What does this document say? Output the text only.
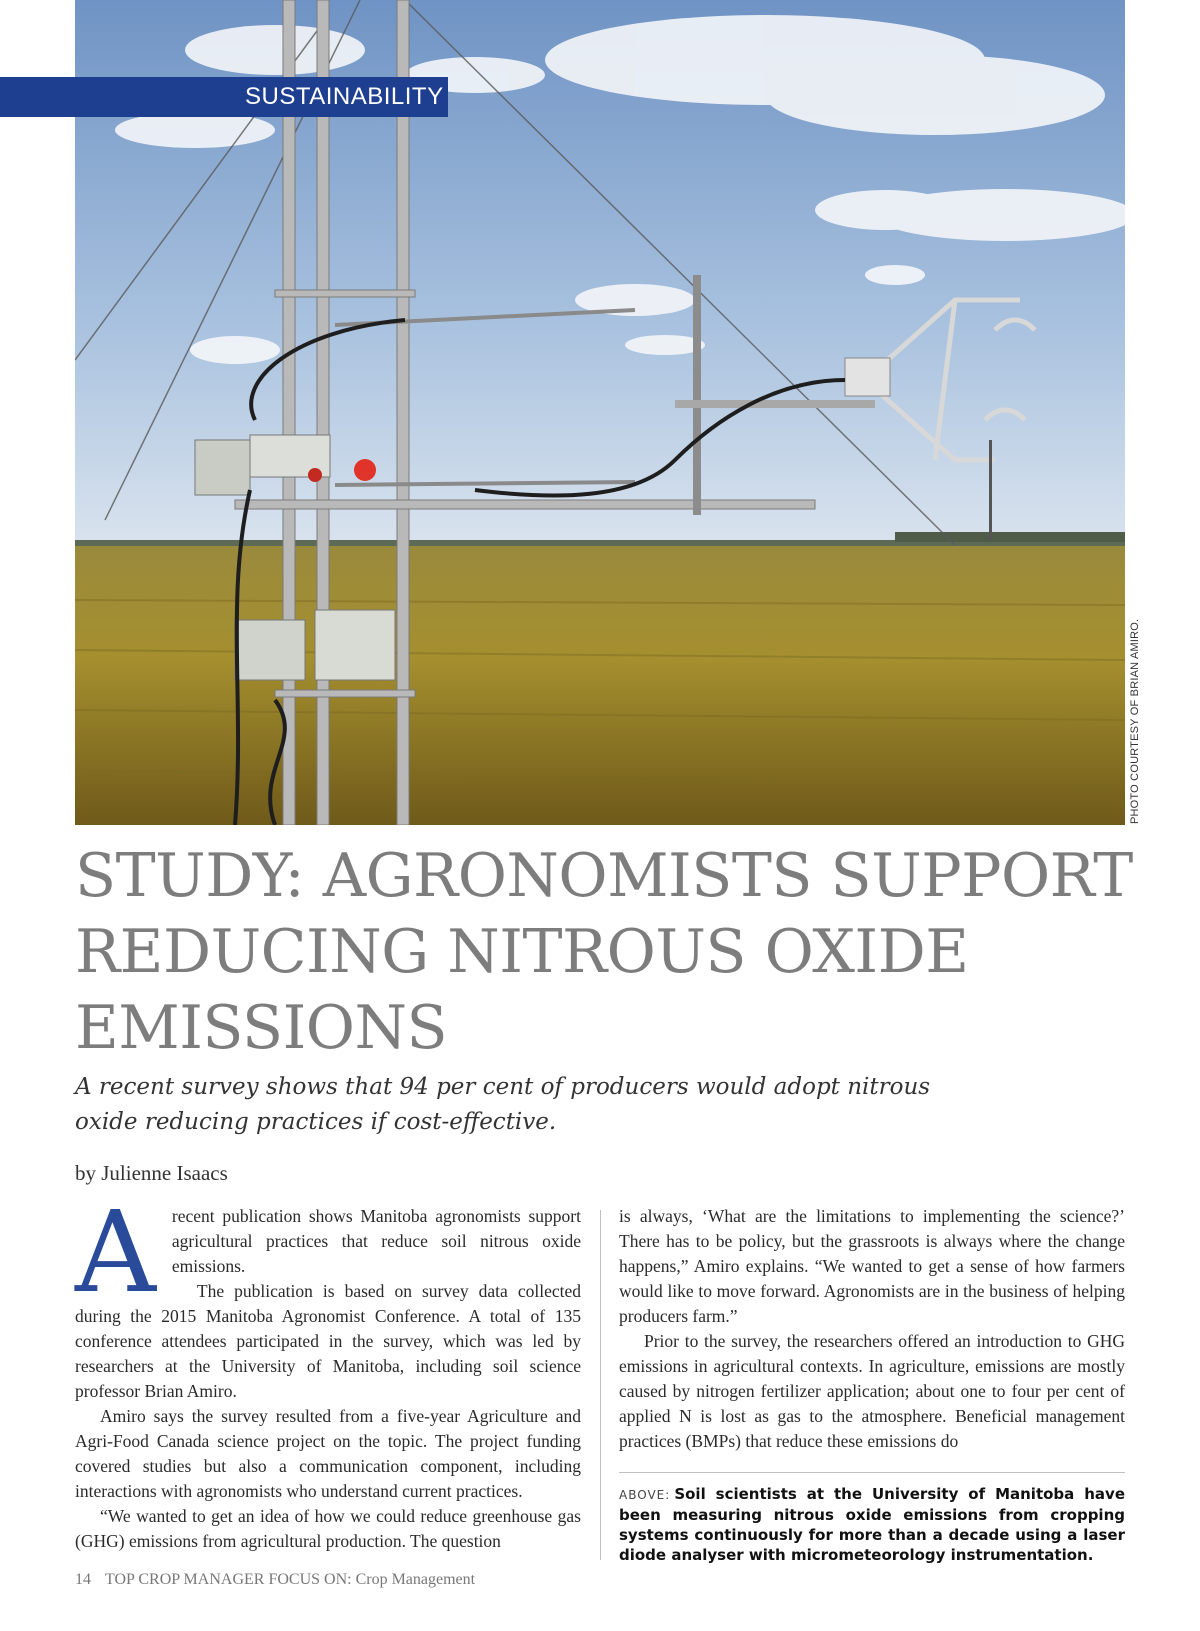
SUSTAINABILITY
PHOTO COURTESY OF BRIAN AMIRO.
STUDY: AGRONOMISTS SUPPORT REDUCING NITROUS OXIDE EMISSIONS
A recent survey shows that 94 per cent of producers would adopt nitrous oxide reducing practices if cost-effective.
by Julienne Isaacs
A recent publication shows Manitoba agronomists support agricultural practices that reduce soil nitrous oxide emissions.

The publication is based on survey data collected during the 2015 Manitoba Agronomist Conference. A total of 135 conference attendees participated in the survey, which was led by researchers at the University of Manitoba, including soil science professor Brian Amiro.

Amiro says the survey resulted from a five-year Agriculture and Agri-Food Canada science project on the topic. The project funding covered studies but also a communication component, including interactions with agronomists who understand current practices.

“We wanted to get an idea of how we could reduce greenhouse gas (GHG) emissions from agricultural production. The question

is always, ‘What are the limitations to implementing the science?’ There has to be policy, but the grassroots is always where the change happens,” Amiro explains. “We wanted to get a sense of how farmers would like to move forward. Agronomists are in the business of helping producers farm.”

Prior to the survey, the researchers offered an introduction to GHG emissions in agricultural contexts. In agriculture, emissions are mostly caused by nitrogen fertilizer application; about one to four per cent of applied N is lost as gas to the atmosphere. Beneficial management practices (BMPs) that reduce these emissions do

ABOVE: Soil scientists at the University of Manitoba have been measuring nitrous oxide emissions from cropping systems continuously for more than a decade using a laser diode analyser with micrometeorology instrumentation.
14 TOP CROP MANAGER FOCUS ON: Crop Management
